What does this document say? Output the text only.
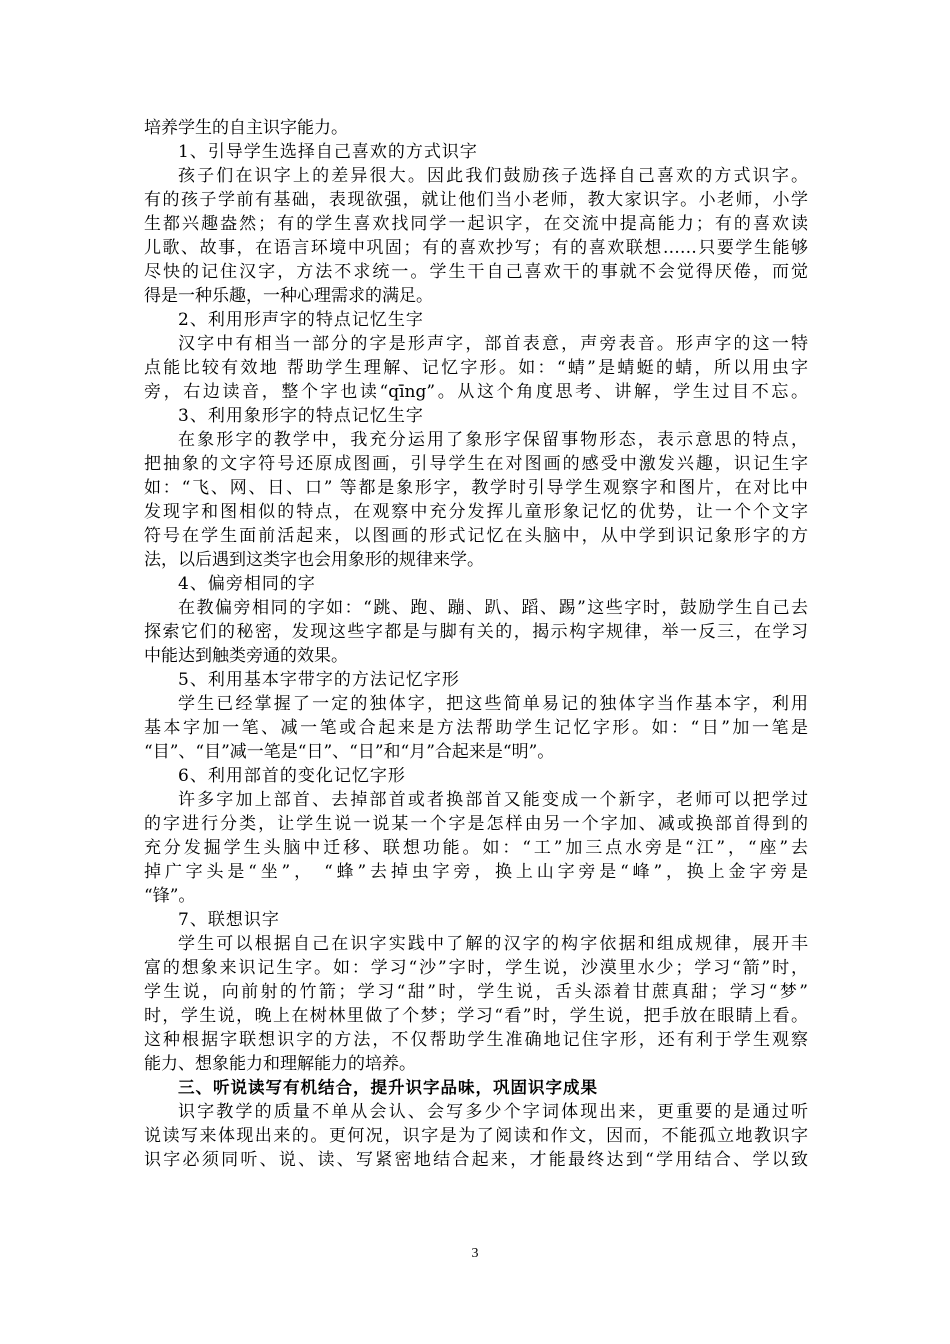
培养学生的自主识字能力。
1、引导学生选择自己喜欢的方式识字
孩子们在识字上的差异很大。因此我们鼓励孩子选择自己喜欢的方式识字。
有的孩子学前有基础，表现欲强，就让他们当小老师，教大家识字。小老师，小学
生都兴趣盎然；有的学生喜欢找同学一起识字，在交流中提高能力；有的喜欢读
儿歌、故事，在语言环境中巩固；有的喜欢抄写；有的喜欢联想……只要学生能够
尽快的记住汉字，方法不求统一。学生干自己喜欢干的事就不会觉得厌倦，而觉
得是一种乐趣，一种心理需求的满足。
2、利用形声字的特点记忆生字
汉字中有相当一部分的字是形声字，部首表意，声旁表音。形声字的这一特
点能比较有效地 帮助学生理解、记忆字形。如：“蜻”是蜻蜓的蜻，所以用虫字
旁，右边读音，整个字也读“qīng”。从这个角度思考、讲解，学生过目不忘。
3、利用象形字的特点记忆生字
在象形字的教学中，我充分运用了象形字保留事物形态，表示意思的特点，
把抽象的文字符号还原成图画，引导学生在对图画的感受中激发兴趣，识记生字
如：“飞、网、日、口” 等都是象形字，教学时引导学生观察字和图片，在对比中
发现字和图相似的特点，在观察中充分发挥儿童形象记忆的优势，让一个个文字
符号在学生面前活起来，以图画的形式记忆在头脑中，从中学到识记象形字的方
法，以后遇到这类字也会用象形的规律来学。
4、偏旁相同的字
在教偏旁相同的字如：“跳、跑、蹦、趴、蹈、踢”这些字时，鼓励学生自己去
探索它们的秘密，发现这些字都是与脚有关的，揭示构字规律，举一反三，在学习
中能达到触类旁通的效果。
5、利用基本字带字的方法记忆字形
学生已经掌握了一定的独体字，把这些简单易记的独体字当作基本字，利用
基本字加一笔、减一笔或合起来是方法帮助学生记忆字形。如：“日”加一笔是
“目”、“目”减一笔是“日”、“日”和“月”合起来是“明”。
6、利用部首的变化记忆字形
许多字加上部首、去掉部首或者换部首又能变成一个新字，老师可以把学过
的字进行分类，让学生说一说某一个字是怎样由另一个字加、减或换部首得到的
充分发掘学生头脑中迁移、联想功能。如：“工”加三点水旁是“江”，“座”去
掉广字头是“坐”， “蜂”去掉虫字旁，换上山字旁是“峰”，换上金字旁是
“锋”。
7、联想识字
学生可以根据自己在识字实践中了解的汉字的构字依据和组成规律，展开丰
富的想象来识记生字。如：学习“沙”字时，学生说，沙漠里水少；学习“箭”时，
学生说，向前射的竹箭；学习“甜”时，学生说，舌头添着甘蔗真甜；学习“梦”
时，学生说，晚上在树林里做了个梦；学习“看”时，学生说，把手放在眼睛上看。
这种根据字联想识字的方法，不仅帮助学生准确地记住字形，还有利于学生观察
能力、想象能力和理解能力的培养。
三、听说读写有机结合，提升识字品味，巩固识字成果
识字教学的质量不单从会认、会写多少个字词体现出来，更重要的是通过听
说读写来体现出来的。更何况，识字是为了阅读和作文，因而，不能孤立地教识字
识字必须同听、说、读、写紧密地结合起来，才能最终达到“学用结合、学以致
3
